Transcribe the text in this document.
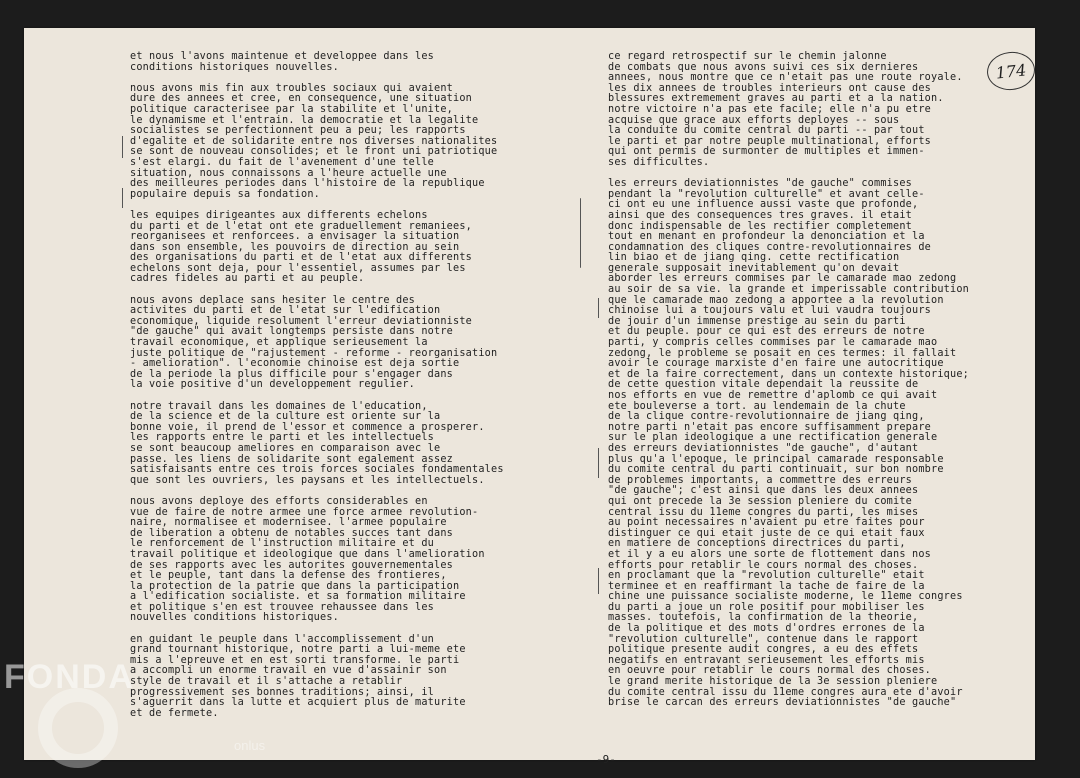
et nous l'avons maintenue et developpee dans les
conditions historiques nouvelles.

nous avons mis fin aux troubles sociaux qui avaient
dure des annees et cree, en consequence, une situation
politique caracterisee par la stabilite et l'unite,
le dynamisme et l'entrain. la democratie et la legalite
socialistes se perfectionnent peu a peu; les rapports
d'egalite et de solidarite entre nos diverses nationalites
se sont de nouveau consolides; et le front uni patriotique
s'est elargi. du fait de l'avenement d'une telle
situation, nous connaissons a l'heure actuelle une
des meilleures periodes dans l'histoire de la republique
populaire depuis sa fondation.

les equipes dirigeantes aux differents echelons
du parti et de l'etat ont ete graduellement remaniees,
reorganisees et renforcees. a envisager la situation
dans son ensemble, les pouvoirs de direction au sein
des organisations du parti et de l'etat aux differents
echelons sont deja, pour l'essentiel, assumes par les
cadres fideles au parti et au peuple.

nous avons deplace sans hesiter le centre des
activites du parti et de l'etat sur l'edification
economique, liquide resolument l'erreur deviationniste
"de gauche" qui avait longtemps persiste dans notre
travail economique, et applique serieusement la
juste politique de "rajustement - reforme - reorganisation
- amelioration". l'economie chinoise est deja sortie
de la periode la plus difficile pour s'engager dans
la voie positive d'un developpement regulier.

notre travail dans les domaines de l'education,
de la science et de la culture est oriente sur la
bonne voie, il prend de l'essor et commence a prosperer.
les rapports entre le parti et les intellectuels
se sont beaucoup ameliores en comparaison avec le
passe. les liens de solidarite sont egalement assez
satisfaisants entre ces trois forces sociales fondamentales
que sont les ouvriers, les paysans et les intellectuels.

nous avons deploye des efforts considerables en
vue de faire de notre armee une force armee revolution-
naire, normalisee et modernisee. l'armee populaire
de liberation a obtenu de notables succes tant dans
le renforcement de l'instruction militaire et du
travail politique et ideologique que dans l'amelioration
de ses rapports avec les autorites gouvernementales
et le peuple, tant dans la defense des frontieres,
la protection de la patrie que dans la participation
a l'edification socialiste. et sa formation militaire
et politique s'en est trouvee rehaussee dans les
nouvelles conditions historiques.

en guidant le peuple dans l'accomplissement d'un
grand tournant historique, notre parti a lui-meme ete
mis a l'epreuve et en est sorti transforme. le parti
a accompli un enorme travail en vue d'assainir son
style de travail et il s'attache a retablir
progressivement ses bonnes traditions; ainsi, il
s'aguerrit dans la lutte et acquiert plus de maturite
et de fermete.

ce regard retrospectif sur le chemin jalonne
de combats que nous avons suivi ces six dernieres
annees, nous montre que ce n'etait pas une route royale.
les dix annees de troubles interieurs ont cause des
blessures extremement graves au parti et a la nation.
notre victoire n'a pas ete facile; elle n'a pu etre
acquise que grace aux efforts deployes -- sous
la conduite du comite central du parti -- par tout
le parti et par notre peuple multinational, efforts
qui ont permis de surmonter de multiples et immen-
ses difficultes.

les erreurs deviationnistes "de gauche" commises
pendant la "revolution culturelle" et avant celle-
ci ont eu une influence aussi vaste que profonde,
ainsi que des consequences tres graves. il etait
donc indispensable de les rectifier completement
tout en menant en profondeur la denonciation et la
condamnation des cliques contre-revolutionnaires de
lin biao et de jiang qing. cette rectification
generale supposait inevitablement qu'on devait
aborder les erreurs commises par le camarade mao zedong
au soir de sa vie. la grande et imperissable contribution
que le camarade mao zedong a apportee a la revolution
chinoise lui a toujours valu et lui vaudra toujours
de jouir d'un immense prestige au sein du parti
et du peuple. pour ce qui est des erreurs de notre
parti, y compris celles commises par le camarade mao
zedong, le probleme se posait en ces termes: il fallait
avoir le courage marxiste d'en faire une autocritique
et de la faire correctement, dans un contexte historique;
de cette question vitale dependait la reussite de
nos efforts en vue de remettre d'aplomb ce qui avait
ete bouleverse a tort. au lendemain de la chute
de la clique contre-revolutionnaire de jiang qing,
notre parti n'etait pas encore suffisamment prepare
sur le plan ideologique a une rectification generale
des erreurs deviationnistes "de gauche", d'autant
plus qu'a l'epoque, le principal camarade responsable
du comite central du parti continuait, sur bon nombre
de problemes importants, a commettre des erreurs
"de gauche"; c'est ainsi que dans les deux annees
qui ont precede la 3e session pleniere du comite
central issu du 11eme congres du parti, les mises
au point necessaires n'avaient pu etre faites pour
distinguer ce qui etait juste de ce qui etait faux
en matiere de conceptions directrices du parti,
et il y a eu alors une sorte de flottement dans nos
efforts pour retablir le cours normal des choses.
en proclamant que la "revolution culturelle" etait
terminee et en reaffirmant la tache de faire de la
chine une puissance socialiste moderne, le 11eme congres
du parti a joue un role positif pour mobiliser les
masses. toutefois, la confirmation de la theorie,
de la politique et des mots d'ordres errones de la
"revolution culturelle", contenue dans le rapport
politique presente audit congres, a eu des effets
negatifs en entravant serieusement les efforts mis
en oeuvre pour retablir le cours normal des choses.
le grand merite historique de la 3e session pleniere
du comite central issu du 11eme congres aura ete d'avoir
brise le carcan des erreurs deviationnistes "de gauche"

-9-
174
FONDA
onlus
